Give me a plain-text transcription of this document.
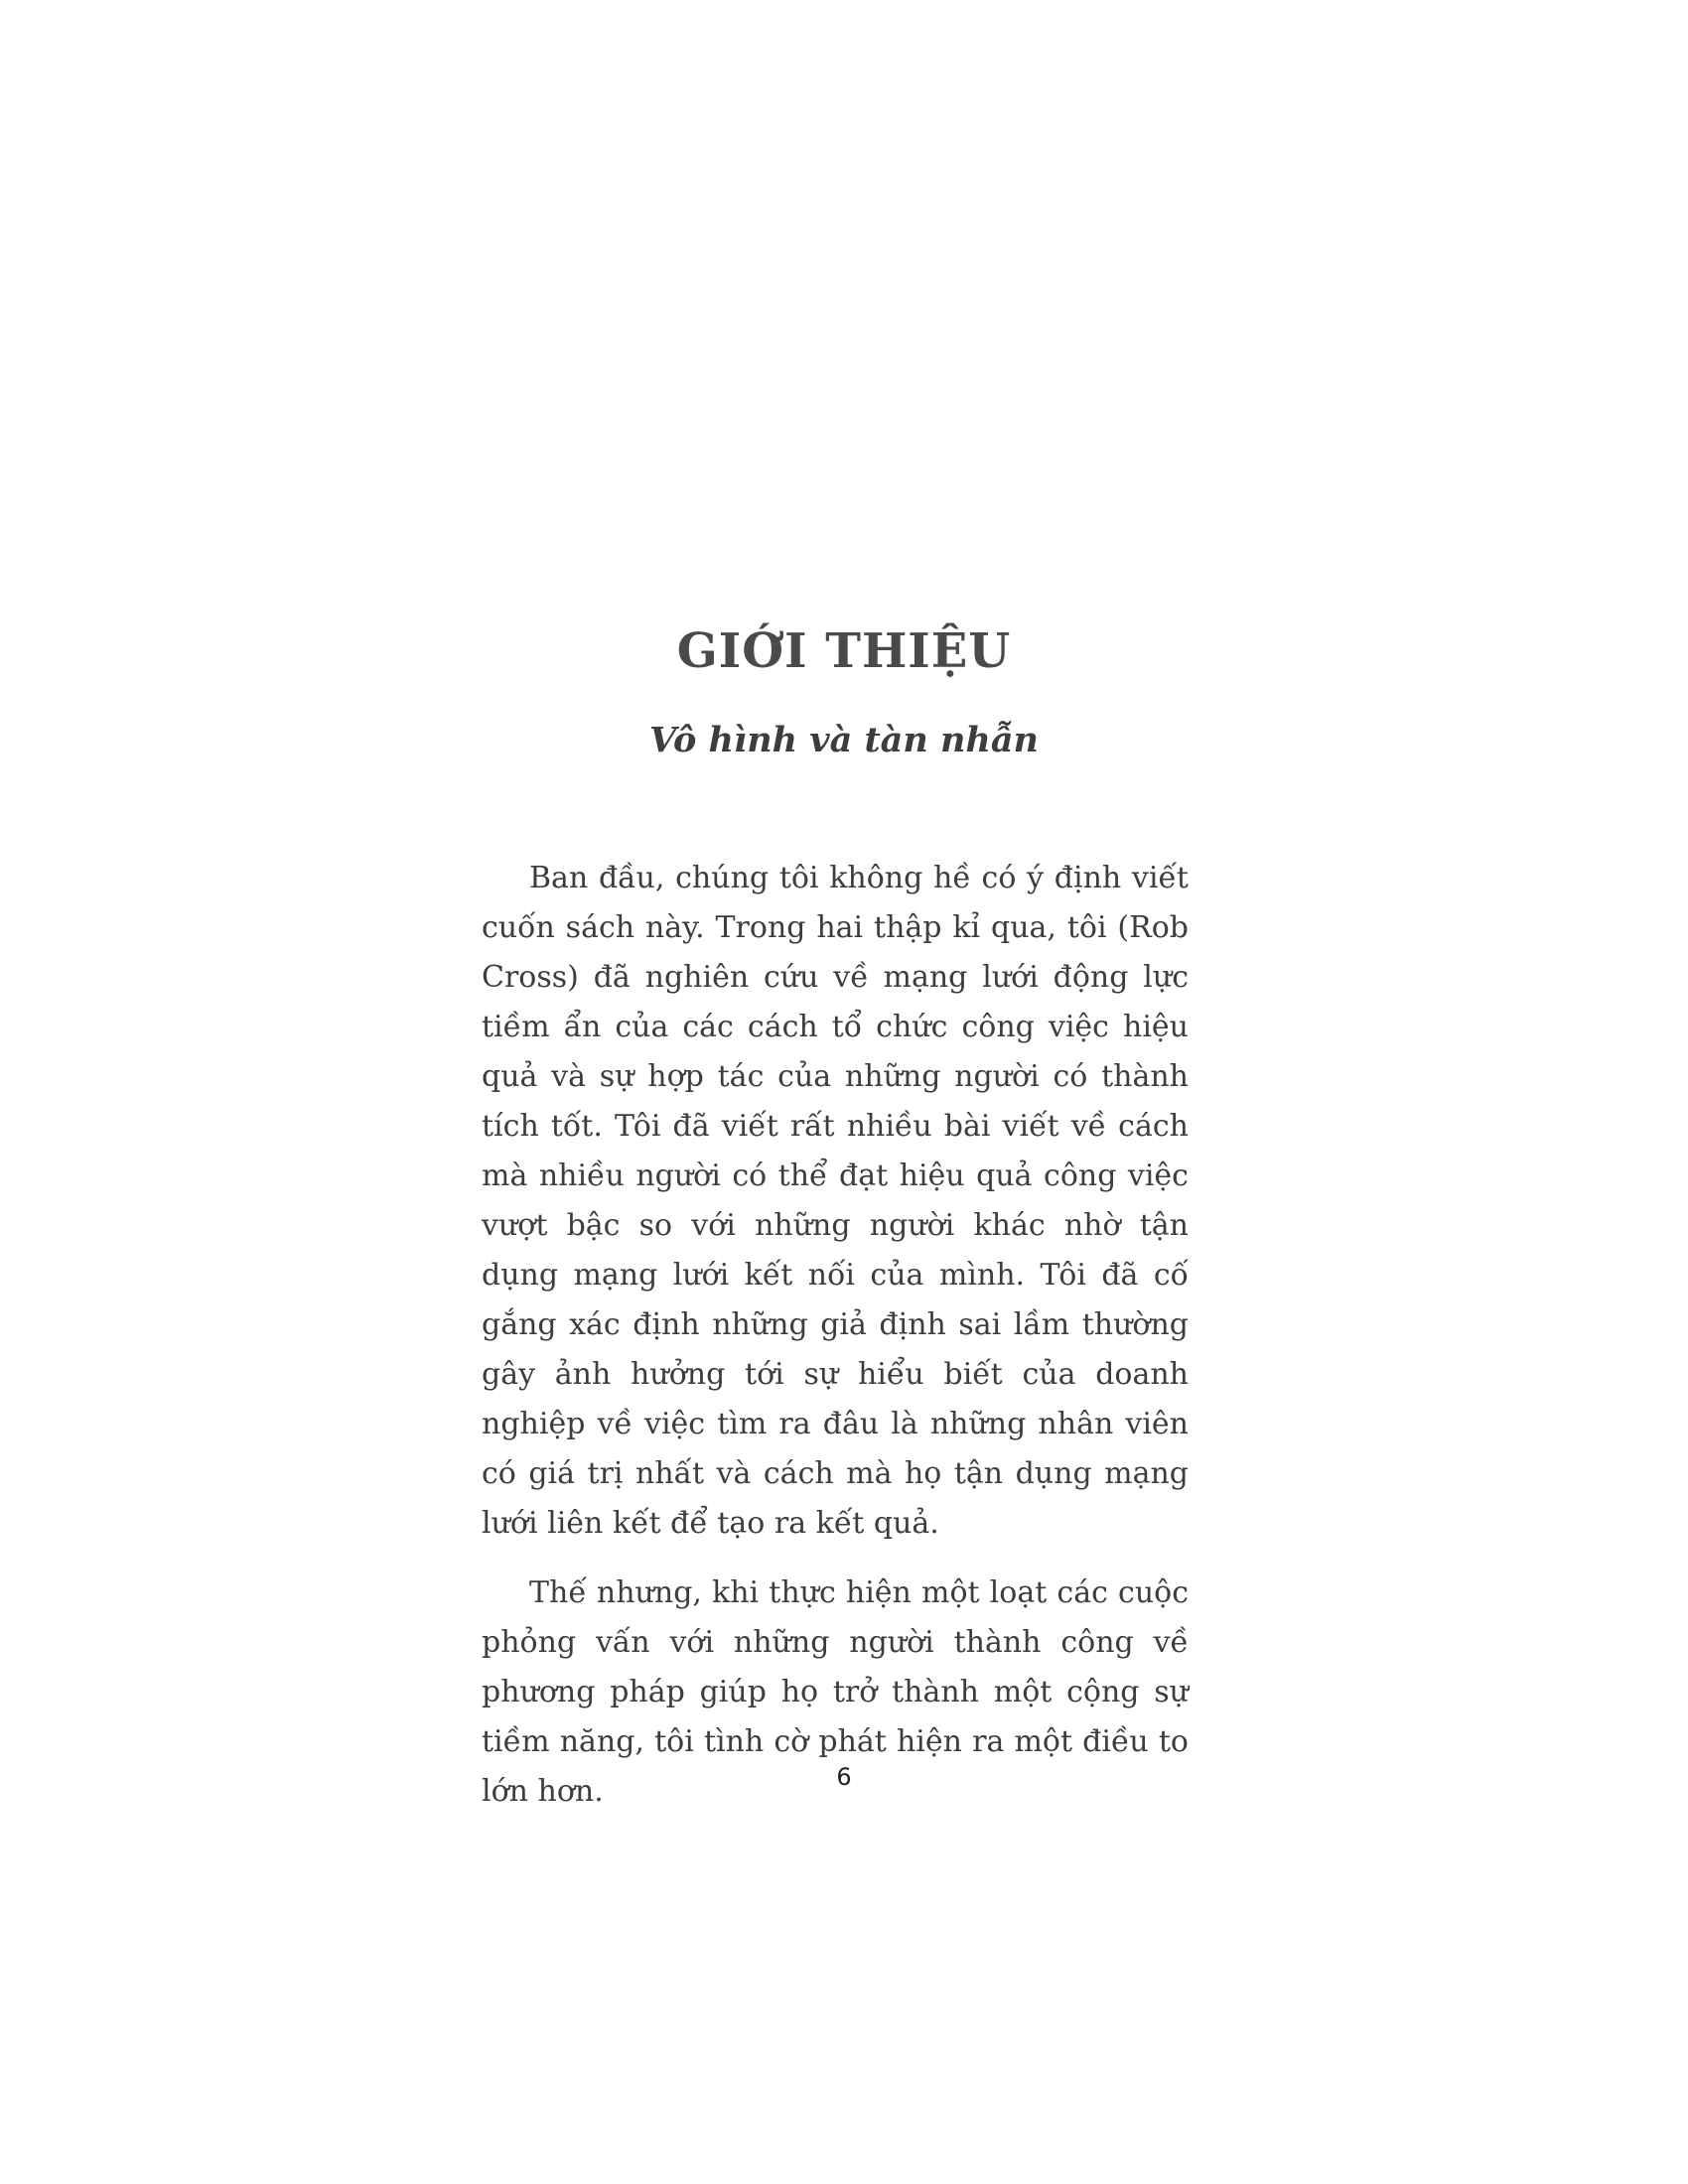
GIỚI THIỆU
Vô hình và tàn nhẫn

Ban đầu, chúng tôi không hề có ý định viết cuốn sách này. Trong hai thập kỉ qua, tôi (Rob Cross) đã nghiên cứu về mạng lưới động lực tiềm ẩn của các cách tổ chức công việc hiệu quả và sự hợp tác của những người có thành tích tốt. Tôi đã viết rất nhiều bài viết về cách mà nhiều người có thể đạt hiệu quả công việc vượt bậc so với những người khác nhờ tận dụng mạng lưới kết nối của mình. Tôi đã cố gắng xác định những giả định sai lầm thường gây ảnh hưởng tới sự hiểu biết của doanh nghiệp về việc tìm ra đâu là những nhân viên có giá trị nhất và cách mà họ tận dụng mạng lưới liên kết để tạo ra kết quả.

Thế nhưng, khi thực hiện một loạt các cuộc phỏng vấn với những người thành công về phương pháp giúp họ trở thành một cộng sự tiềm năng, tôi tình cờ phát hiện ra một điều to lớn hơn.	6
